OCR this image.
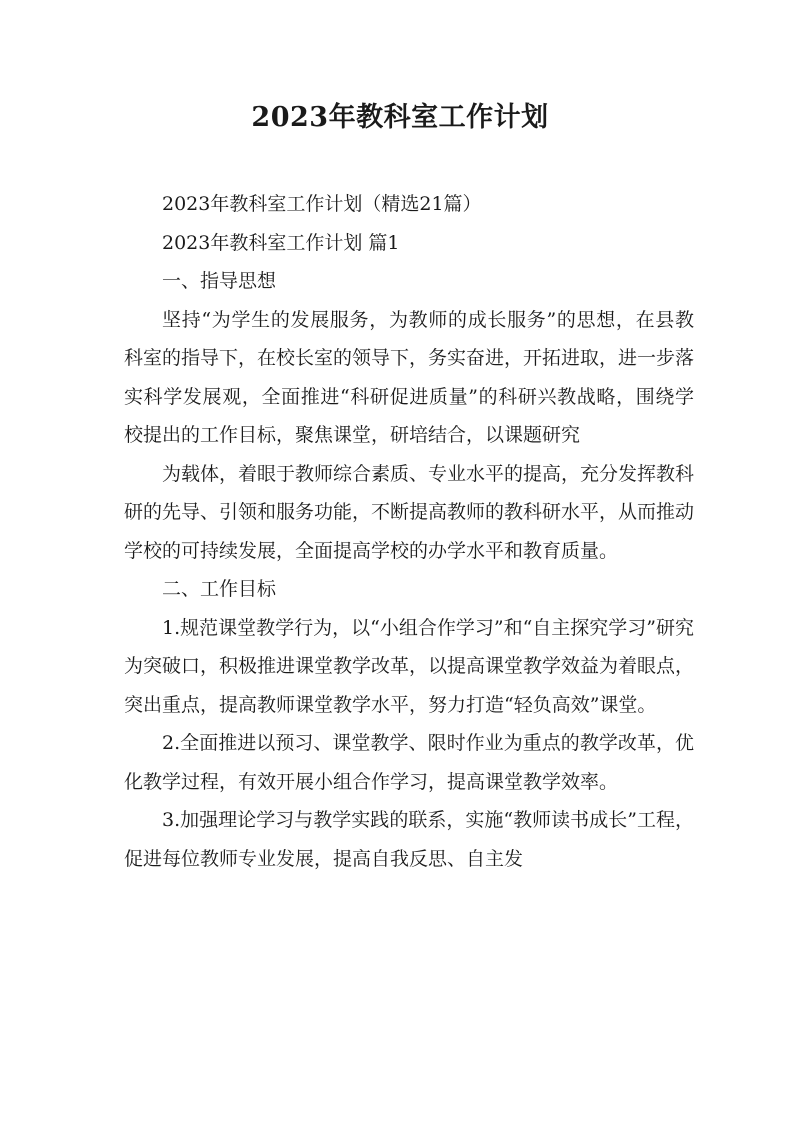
2023年教科室工作计划

2023年教科室工作计划（精选21篇）

2023年教科室工作计划 篇1

一、指导思想

坚持“为学生的发展服务，为教师的成长服务”的思想，在县教科室的指导下，在校长室的领导下，务实奋进，开拓进取，进一步落实科学发展观，全面推进“科研促进质量”的科研兴教战略，围绕学校提出的工作目标，聚焦课堂，研培结合，以课题研究

为载体，着眼于教师综合素质、专业水平的提高，充分发挥教科研的先导、引领和服务功能，不断提高教师的教科研水平，从而推动学校的可持续发展，全面提高学校的办学水平和教育质量。

二、工作目标

1.规范课堂教学行为，以“小组合作学习”和“自主探究学习”研究为突破口，积极推进课堂教学改革，以提高课堂教学效益为着眼点，突出重点，提高教师课堂教学水平，努力打造“轻负高效”课堂。

2.全面推进以预习、课堂教学、限时作业为重点的教学改革，优化教学过程，有效开展小组合作学习，提高课堂教学效率。

3.加强理论学习与教学实践的联系，实施“教师读书成长”工程，促进每位教师专业发展，提高自我反思、自主发
